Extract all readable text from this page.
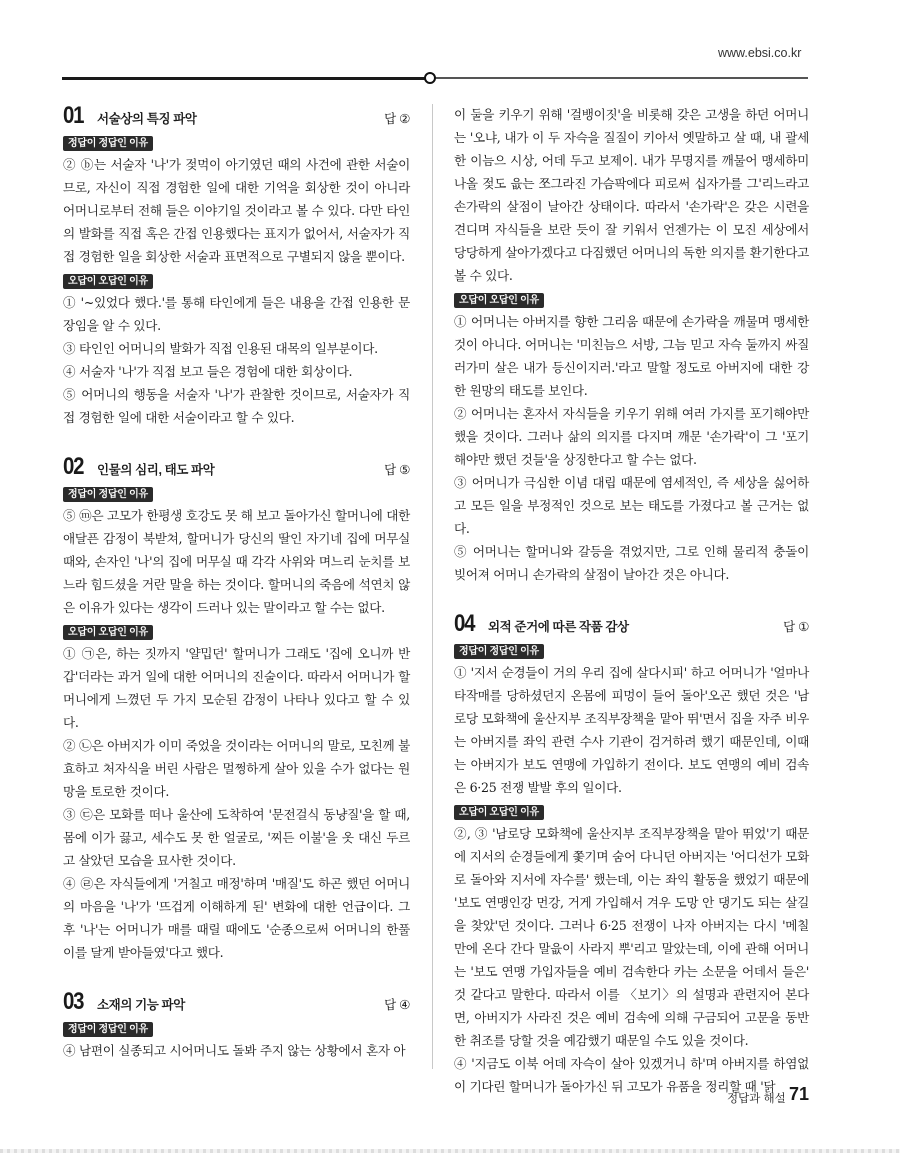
www.ebsi.co.kr
01 서술상의 특징 파악	답 ②
정답이 정답인 이유

② ⓑ는 서술자 '나'가 젖먹이 아기였던 때의 사건에 관한 서술이므로, 자신이 직접 경험한 일에 대한 기억을 회상한 것이 아니라 어머니로부터 전해 들은 이야기일 것이라고 볼 수 있다. 다만 타인의 발화를 직접 혹은 간접 인용했다는 표지가 없어서, 서술자가 직접 경험한 일을 회상한 서술과 표면적으로 구별되지 않을 뿐이다.

오답이 오답인 이유

① '~있었다 했다.'를 통해 타인에게 들은 내용을 간접 인용한 문장임을 알 수 있다.

③ 타인인 어머니의 발화가 직접 인용된 대목의 일부분이다.

④ 서술자 '나'가 직접 보고 들은 경험에 대한 회상이다.

⑤ 어머니의 행동을 서술자 '나'가 관찰한 것이므로, 서술자가 직접 경험한 일에 대한 서술이라고 할 수 있다.

02 인물의 심리, 태도 파악	답 ⑤
정답이 정답인 이유

⑤ ⓜ은 고모가 한평생 호강도 못 해 보고 돌아가신 할머니에 대한 애달픈 감정이 북받쳐, 할머니가 당신의 딸인 자기네 집에 머무실 때와, 손자인 '나'의 집에 머무실 때 각각 사위와 며느리 눈치를 보느라 힘드셨을 거란 말을 하는 것이다. 할머니의 죽음에 석연치 않은 이유가 있다는 생각이 드러나 있는 말이라고 할 수는 없다.

오답이 오답인 이유

① ㉠은, 하는 짓까지 '얄밉던' 할머니가 그래도 '집에 오니까 반갑'더라는 과거 일에 대한 어머니의 진술이다. 따라서 어머니가 할머니에게 느꼈던 두 가지 모순된 감정이 나타나 있다고 할 수 있다.

② ㉡은 아버지가 이미 죽었을 것이라는 어머니의 말로, 모친께 불효하고 처자식을 버린 사람은 멀쩡하게 살아 있을 수가 없다는 원망을 토로한 것이다.

③ ㉢은 모화를 떠나 울산에 도착하여 '문전걸식 동냥질'을 할 때, 몸에 이가 끓고, 세수도 못 한 얼굴로, '찌든 이불'을 옷 대신 두르고 살았던 모습을 묘사한 것이다.

④ ㉣은 자식들에게 '거칠고 매정'하며 '매질'도 하곤 했던 어머니의 마음을 '나'가 '뜨겁게 이해하게 된' 변화에 대한 언급이다. 그 후 '나'는 어머니가 매를 때릴 때에도 '순종으로써 어머니의 한풀이를 달게 받아들였'다고 했다.

03 소재의 기능 파악	답 ④
정답이 정답인 이유

④ 남편이 실종되고 시어머니도 돌봐 주지 않는 상황에서 혼자 아

이 둘을 키우기 위해 '걸뱅이짓'을 비롯해 갖은 고생을 하던 어머니는 '오냐, 내가 이 두 자슥을 질질이 키아서 옛말하고 살 때, 내 괄세한 이늠으 시상, 어데 두고 보제이. 내가 무명지를 깨물어 맹세하미 나올 젖도 읎는 쪼그라진 가슴팍에다 피로써 십자가를 그'리느라고 손가락의 살점이 날아간 상태이다. 따라서 '손가락'은 갖은 시련을 견디며 자식들을 보란 듯이 잘 키워서 언젠가는 이 모진 세상에서 당당하게 살아가겠다고 다짐했던 어머니의 독한 의지를 환기한다고 볼 수 있다.

오답이 오답인 이유

① 어머니는 아버지를 향한 그리움 때문에 손가락을 깨물며 맹세한 것이 아니다. 어머니는 '미친늠으 서방, 그늠 믿고 자슥 둘까지 싸질러가미 살은 내가 등신이지러.'라고 말할 정도로 아버지에 대한 강한 원망의 태도를 보인다.

② 어머니는 혼자서 자식들을 키우기 위해 여러 가지를 포기해야만 했을 것이다. 그러나 삶의 의지를 다지며 깨문 '손가락'이 그 '포기해야만 했던 것들'을 상징한다고 할 수는 없다.

③ 어머니가 극심한 이념 대립 때문에 염세적인, 즉 세상을 싫어하고 모든 일을 부정적인 것으로 보는 태도를 가졌다고 볼 근거는 없다.

⑤ 어머니는 할머니와 갈등을 겪었지만, 그로 인해 물리적 충돌이 빚어져 어머니 손가락의 살점이 날아간 것은 아니다.

04 외적 준거에 따른 작품 감상	답 ①
정답이 정답인 이유

① '지서 순경들이 거의 우리 집에 살다시피' 하고 어머니가 '얼마나 타작매를 당하셨던지 온몸에 피멍이 들어 돌아'오곤 했던 것은 '남로당 모화책에 울산지부 조직부장책을 맡아 뛰'면서 집을 자주 비우는 아버지를 좌익 관련 수사 기관이 검거하려 했기 때문인데, 이때는 아버지가 보도 연맹에 가입하기 전이다. 보도 연맹의 예비 검속은 6·25 전쟁 발발 후의 일이다.

오답이 오답인 이유

②, ③ '남로당 모화책에 울산지부 조직부장책을 맡아 뛰었'기 때문에 지서의 순경들에게 쫓기며 숨어 다니던 아버지는 '어디선가 모화로 돌아와 지서에 자수를' 했는데, 이는 좌익 활동을 했었기 때문에 '보도 연맹인강 먼강, 거게 가입해서 겨우 도망 안 댕기도 되는 살길을 찾았'던 것이다. 그러나 6·25 전쟁이 나자 아버지는 다시 '메칠 만에 온다 간다 말읎이 사라지 뿌'리고 말았는데, 이에 관해 어머니는 '보도 연맹 가입자들을 예비 검속한다 카는 소문을 어데서 들은' 것 같다고 말한다. 따라서 이를 〈보기〉의 설명과 관련지어 본다면, 아버지가 사라진 것은 예비 검속에 의해 구금되어 고문을 동반한 취조를 당할 것을 예감했기 때문일 수도 있을 것이다.

④ '지금도 이북 어데 자슥이 살아 있겠거니 하'며 아버지를 하염없이 기다린 할머니가 돌아가신 뒤 고모가 유품을 정리할 때 '닭

정답과 해설 71
